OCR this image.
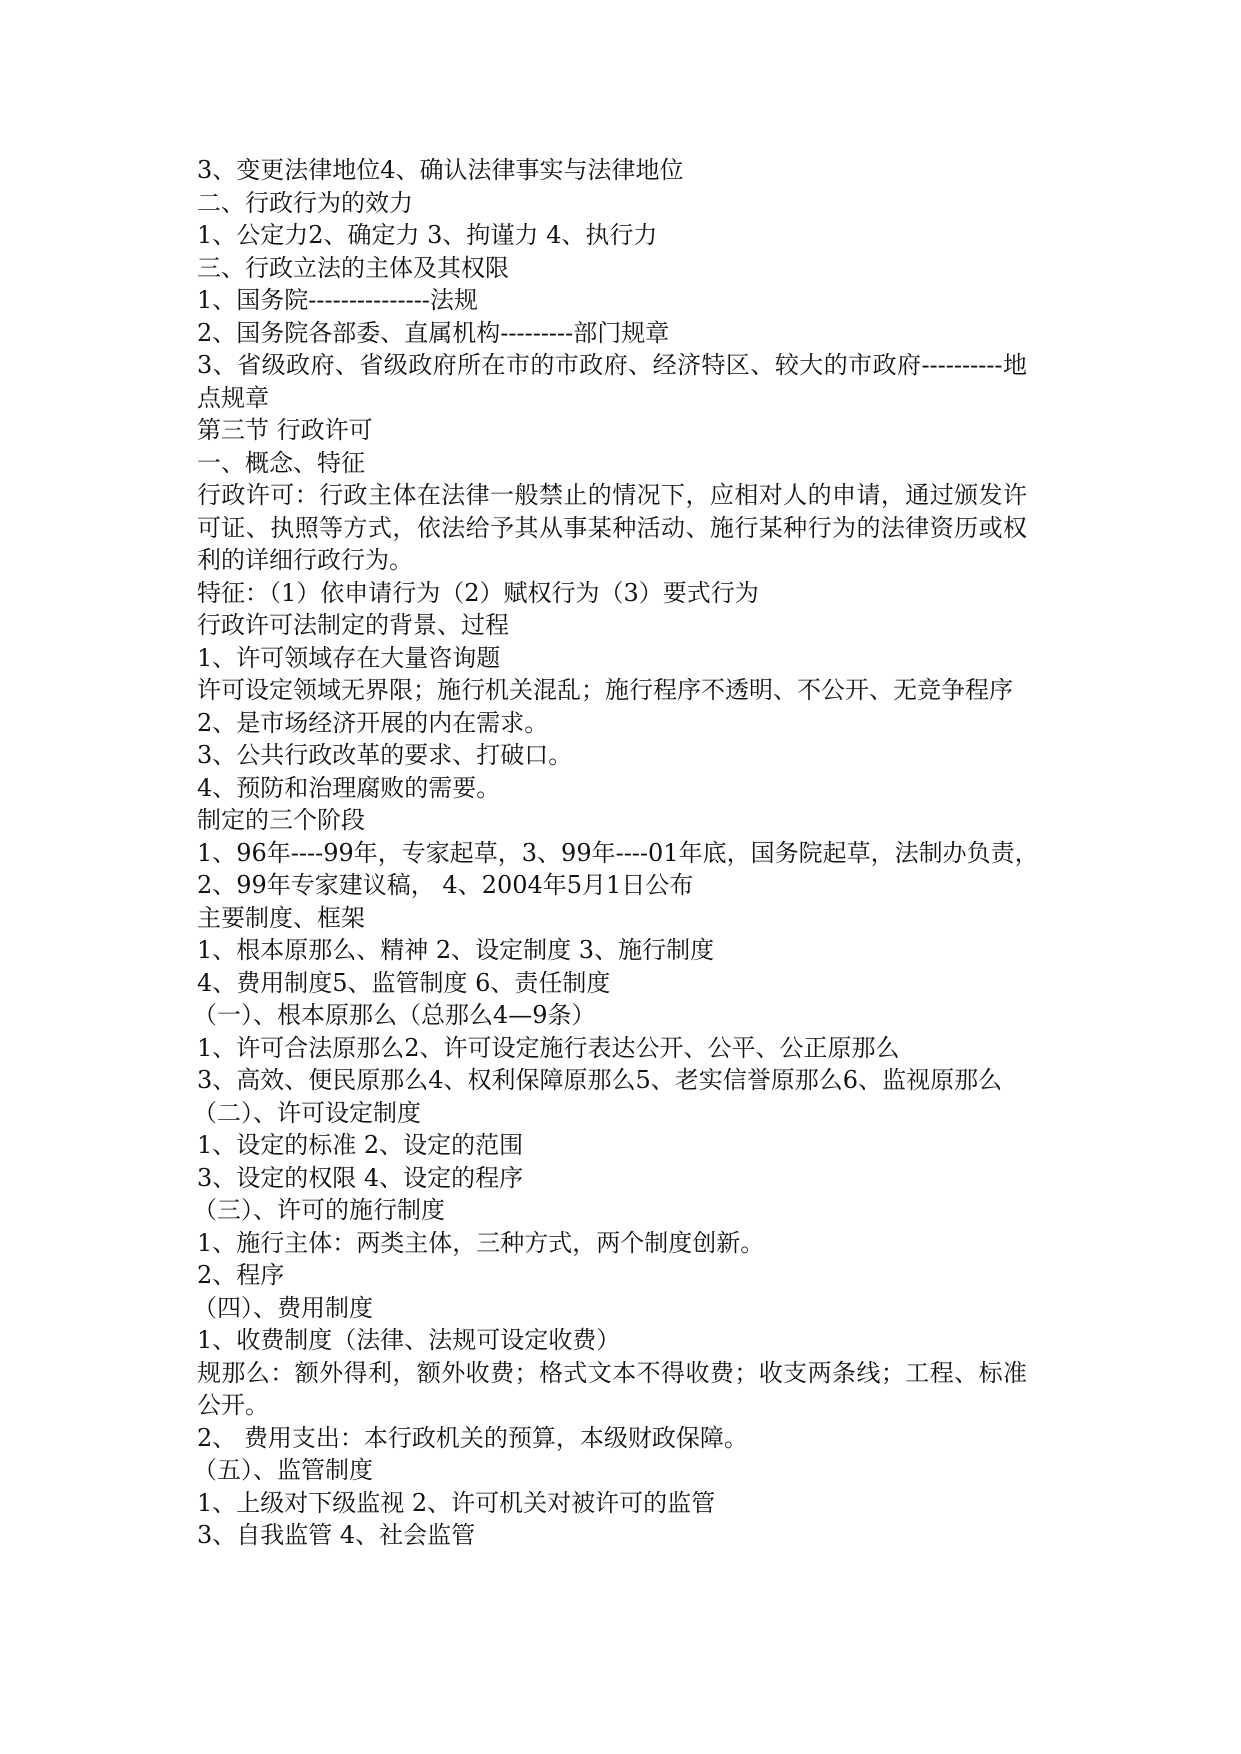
3、变更法律地位4、确认法律事实与法律地位
二、行政行为的效力
1、公定力2、确定力 3、拘谨力 4、执行力
三、行政立法的主体及其权限
1、国务院---------------法规
2、国务院各部委、直属机构---------部门规章
3、省级政府、省级政府所在市的市政府、经济特区、较大的市政府----------地点规章
第三节 行政许可
一、概念、特征
行政许可：行政主体在法律一般禁止的情况下，应相对人的申请，通过颁发许可证、执照等方式，依法给予其从事某种活动、施行某种行为的法律资历或权利的详细行政行为。
特征：（1）依申请行为（2）赋权行为（3）要式行为
行政许可法制定的背景、过程
1、许可领域存在大量咨询题
许可设定领域无界限；施行机关混乱；施行程序不透明、不公开、无竞争程序
2、是市场经济开展的内在需求。
3、公共行政改革的要求、打破口。
4、预防和治理腐败的需要。
制定的三个阶段
1、96年----99年，专家起草，3、99年----01年底，国务院起草，法制办负责，
2、99年专家建议稿， 4、2004年5月1日公布
主要制度、框架
1、根本原那么、精神 2、设定制度 3、施行制度
4、费用制度5、监管制度 6、责任制度
（一）、根本原那么（总那么4—9条）
1、许可合法原那么2、许可设定施行表达公开、公平、公正原那么
3、高效、便民原那么4、权利保障原那么5、老实信誉原那么6、监视原那么
（二）、许可设定制度
1、设定的标准 2、设定的范围
3、设定的权限 4、设定的程序
（三）、许可的施行制度
1、施行主体：两类主体，三种方式，两个制度创新。
2、程序
（四）、费用制度
1、收费制度（法律、法规可设定收费）
规那么：额外得利，额外收费；格式文本不得收费；收支两条线；工程、标准公开。
2、 费用支出：本行政机关的预算，本级财政保障。
（五）、监管制度
1、上级对下级监视 2、许可机关对被许可的监管
3、自我监管 4、社会监管
